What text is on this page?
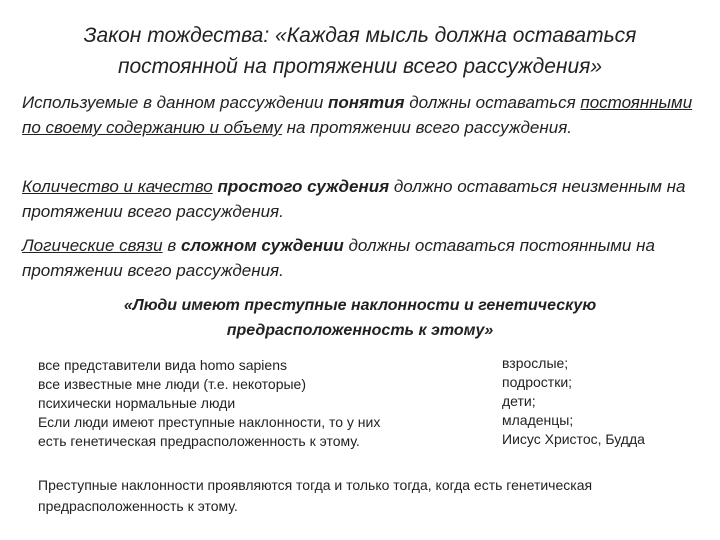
Закон тождества: «Каждая мысль должна оставаться
постоянной на протяжении всего рассуждения»
Используемые в данном рассуждении понятия должны оставаться постоянными по своему содержанию и объему на протяжении всего рассуждения.
Количество и качество простого суждения должно оставаться неизменным на протяжении всего рассуждения.
Логические связи в сложном суждении должны оставаться постоянными на протяжении всего рассуждения.
«Люди имеют преступные наклонности и генетическую
предрасположенность к этому»
все представители вида homo sapiens
все известные мне люди (т.е. некоторые)
психически нормальные люди
Если люди имеют преступные наклонности, то у них
есть генетическая предрасположенность к этому.
взрослые;
подростки;
дети;
младенцы;
Иисус Христос, Будда
Преступные наклонности проявляются тогда и только тогда, когда есть генетическая
предрасположенность к этому.
